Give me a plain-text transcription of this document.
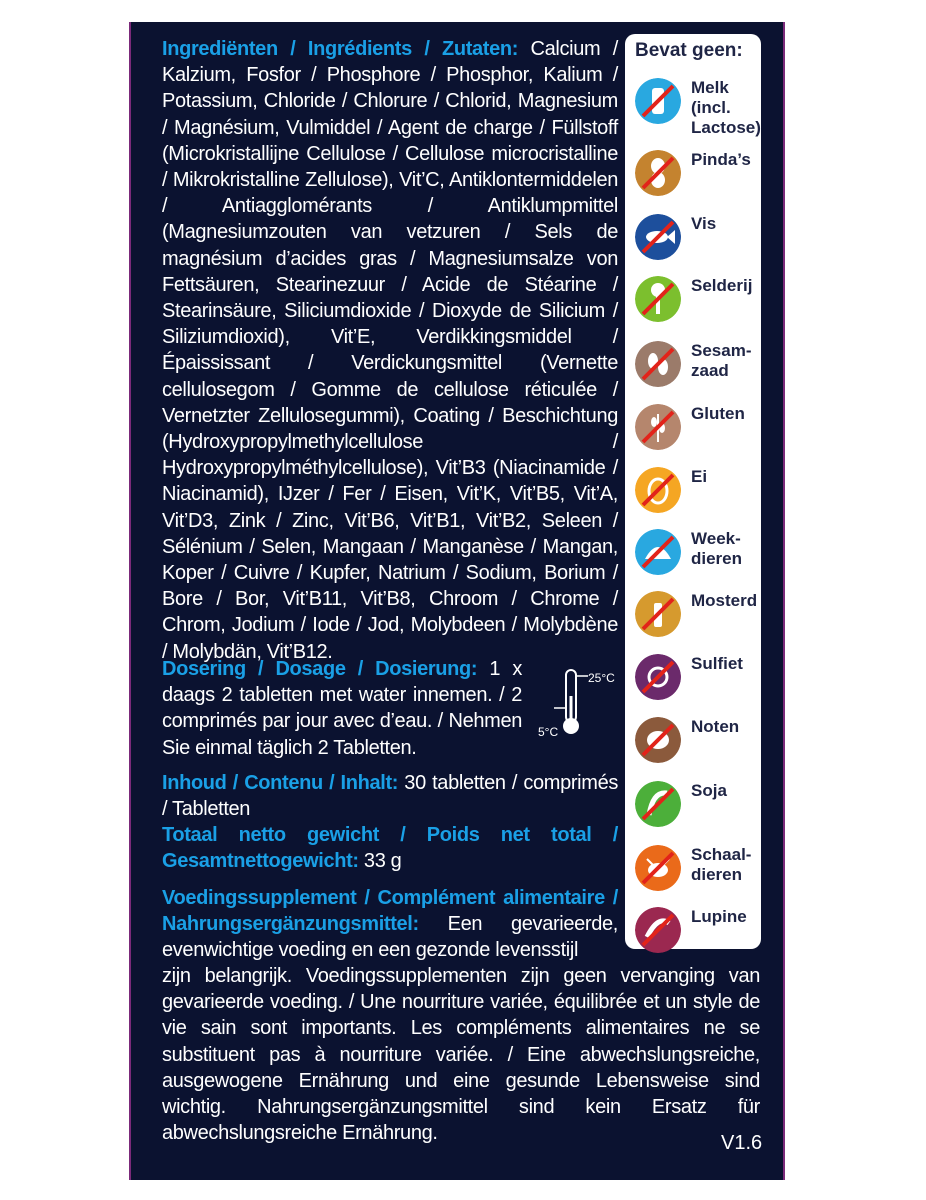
Ingrediënten / Ingrédients / Zutaten: Calcium / Kalzium, Fosfor / Phosphore / Phosphor, Kalium / Potassium, Chloride / Chlorure / Chlorid, Magnesium / Magnésium, Vulmiddel / Agent de charge / Füllstoff (Microkristallijne Cellulose / Cellulose microcristalline / Mikrokristalline Zellulose), Vit’C, Antiklontermiddelen / Antiagglomérants / Antiklumpmittel (Magnesiumzouten van vetzuren / Sels de magnésium d’acides gras / Magnesiumsalze von Fettsäuren, Stearinezuur / Acide de Stéarine / Stearinsäure, Siliciumdioxide / Dioxyde de Silicium / Siliziumdioxid), Vit’E, Verdikkingsmiddel / Épaississant / Verdickungsmittel (Vernette cellulosegom / Gomme de cellulose réticulée / Vernetzter Zellulosegummi), Coating / Beschichtung (Hydroxypropylmethylcellulose / Hydroxypropylméthylcellulose), Vit’B3 (Niacinamide / Niacinamid), IJzer / Fer / Eisen, Vit’K, Vit’B5, Vit’A, Vit’D3, Zink / Zinc, Vit’B6, Vit’B1, Vit’B2, Seleen / Sélénium / Selen, Mangaan / Manganèse / Mangan, Koper / Cuivre / Kupfer, Natrium / Sodium, Borium / Bore / Bor, Vit’B11, Vit’B8, Chroom / Chrome / Chrom, Jodium / Iode / Jod, Molybdeen / Molybdène / Molybdän, Vit’B12.
Dosering / Dosage / Dosierung: 1 x daags 2 tabletten met water innemen. / 2 comprimés par jour avec d’eau. / Nehmen Sie einmal täglich 2 Tabletten.
25°C
5°C
Inhoud / Contenu / Inhalt: 30 tabletten / comprimés / Tabletten
Totaal netto gewicht / Poids net total / Gesamtnettogewicht: 33 g
Voedingssupplement / Complément alimentaire / Nahrungsergänzungsmittel: Een gevarieerde, evenwichtige voeding en een gezonde levensstijl
zijn belangrijk. Voedingssupplementen zijn geen vervanging van gevarieerde voeding. / Une nourriture variée, équilibrée et un style de vie sain sont importants. Les compléments alimentaires ne se substituent pas à nourriture variée. / Eine abwechslungsreiche, ausgewogene Ernährung und eine gesunde Lebensweise sind wichtig. Nahrungsergänzungsmittel sind kein Ersatz für abwechslungsreiche Ernährung.	V1.6
Bevat geen:
Melk (incl. Lactose)
Pinda’s
Vis
Selderij
Sesam-zaad
Gluten
Ei
Week-dieren
Mosterd
Sulfiet
Noten
Soja
Schaal-dieren
Lupine
